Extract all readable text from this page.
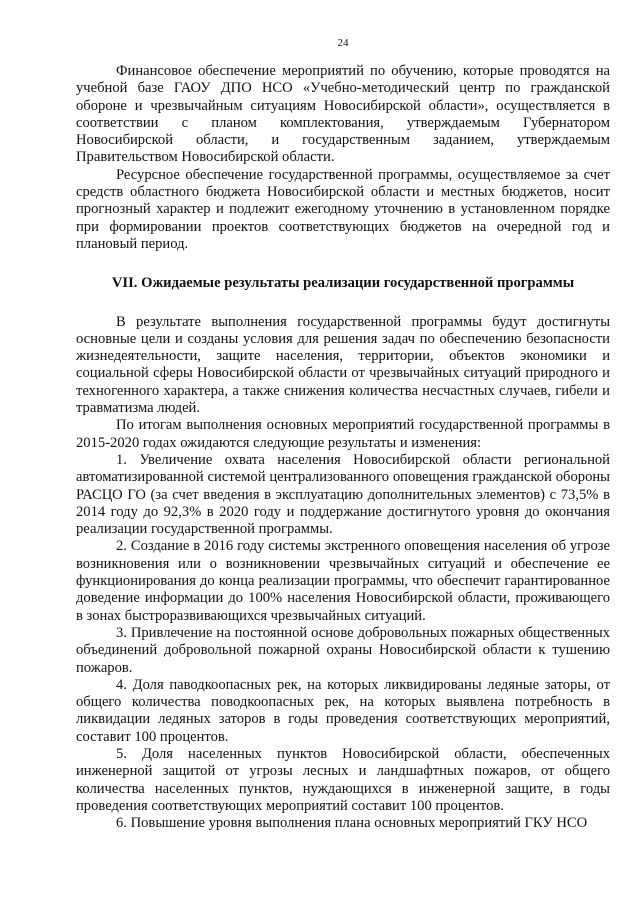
24

Финансовое обеспечение мероприятий по обучению, которые проводятся на учебной базе ГАОУ ДПО НСО «Учебно-методический центр по гражданской обороне и чрезвычайным ситуациям Новосибирской области», осуществляется в соответствии с планом комплектования, утверждаемым Губернатором Новосибирской области, и государственным заданием, утверждаемым Правительством Новосибирской области.

Ресурсное обеспечение государственной программы, осуществляемое за счет средств областного бюджета Новосибирской области и местных бюджетов, носит прогнозный характер и подлежит ежегодному уточнению в установленном порядке при формировании проектов соответствующих бюджетов на очередной год и плановый период.

VII. Ожидаемые результаты реализации государственной программы

В результате выполнения государственной программы будут достигнуты основные цели и созданы условия для решения задач по обеспечению безопасности жизнедеятельности, защите населения, территории, объектов экономики и социальной сферы Новосибирской области от чрезвычайных ситуаций природного и техногенного характера, а также снижения количества несчастных случаев, гибели и травматизма людей.

По итогам выполнения основных мероприятий государственной программы в 2015-2020 годах ожидаются следующие результаты и изменения:

1. Увеличение охвата населения Новосибирской области региональной автоматизированной системой централизованного оповещения гражданской обороны РАСЦО ГО (за счет введения в эксплуатацию дополнительных элементов) с 73,5% в 2014 году до 92,3% в 2020 году и поддержание достигнутого уровня до окончания реализации государственной программы.

2. Создание в 2016 году системы экстренного оповещения населения об угрозе возникновения или о возникновении чрезвычайных ситуаций и обеспечение ее функционирования до конца реализации программы, что обеспечит гарантированное доведение информации до 100% населения Новосибирской области, проживающего в зонах быстроразвивающихся чрезвычайных ситуаций.

3. Привлечение на постоянной основе добровольных пожарных общественных объединений добровольной пожарной охраны Новосибирской области к тушению пожаров.

4. Доля паводкоопасных рек, на которых ликвидированы ледяные заторы, от общего количества поводкоопасных рек, на которых выявлена потребность в ликвидации ледяных заторов в годы проведения соответствующих мероприятий, составит 100 процентов.

5. Доля населенных пунктов Новосибирской области, обеспеченных инженерной защитой от угрозы лесных и ландшафтных пожаров, от общего количества населенных пунктов, нуждающихся в инженерной защите, в годы проведения соответствующих мероприятий составит 100 процентов.

6. Повышение уровня выполнения плана основных мероприятий ГКУ НСО
